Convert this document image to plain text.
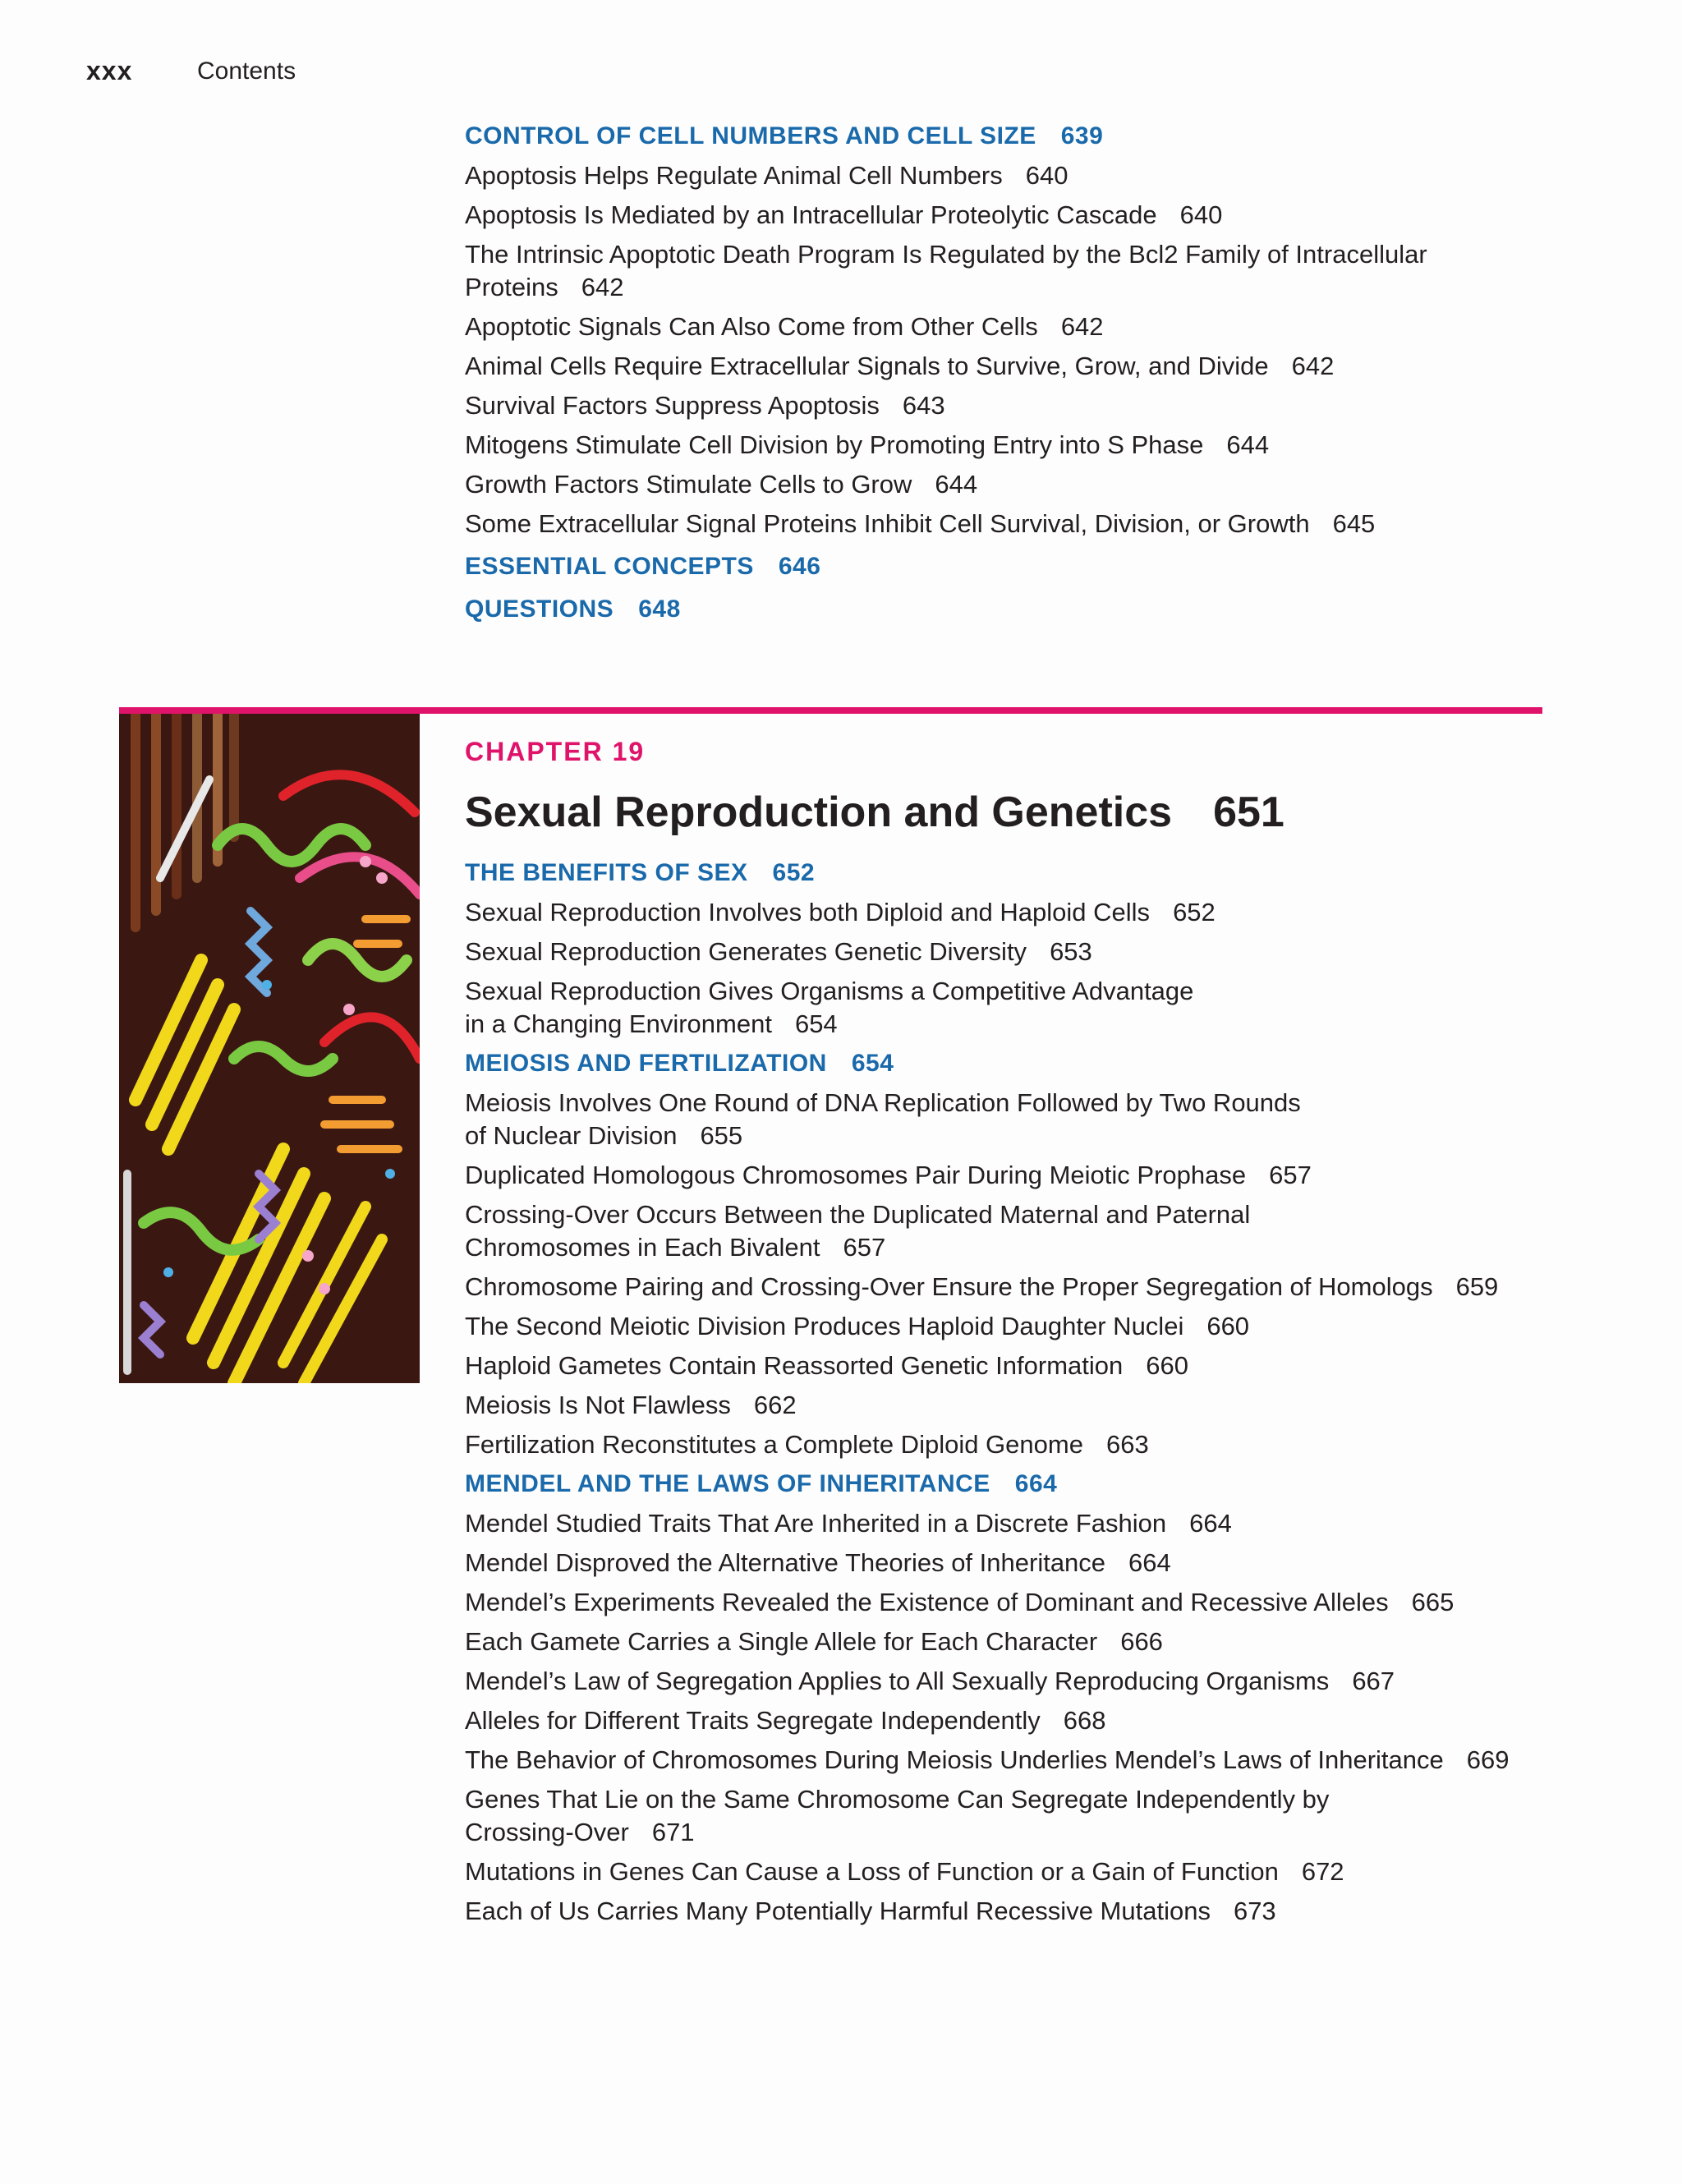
xxx	Contents
CONTROL OF CELL NUMBERS AND CELL SIZE 639
Apoptosis Helps Regulate Animal Cell Numbers 640
Apoptosis Is Mediated by an Intracellular Proteolytic Cascade 640
The Intrinsic Apoptotic Death Program Is Regulated by the Bcl2 Family of Intracellular
Proteins 642
Apoptotic Signals Can Also Come from Other Cells 642
Animal Cells Require Extracellular Signals to Survive, Grow, and Divide 642
Survival Factors Suppress Apoptosis 643
Mitogens Stimulate Cell Division by Promoting Entry into S Phase 644
Growth Factors Stimulate Cells to Grow 644
Some Extracellular Signal Proteins Inhibit Cell Survival, Division, or Growth 645
ESSENTIAL CONCEPTS 646
QUESTIONS 648
CHAPTER 19
Sexual Reproduction and Genetics 651
THE BENEFITS OF SEX 652
Sexual Reproduction Involves both Diploid and Haploid Cells 652
Sexual Reproduction Generates Genetic Diversity 653
Sexual Reproduction Gives Organisms a Competitive Advantage
in a Changing Environment 654
MEIOSIS AND FERTILIZATION 654
Meiosis Involves One Round of DNA Replication Followed by Two Rounds
of Nuclear Division 655
Duplicated Homologous Chromosomes Pair During Meiotic Prophase 657
Crossing-Over Occurs Between the Duplicated Maternal and Paternal
Chromosomes in Each Bivalent 657
Chromosome Pairing and Crossing-Over Ensure the Proper Segregation of Homologs 659
The Second Meiotic Division Produces Haploid Daughter Nuclei 660
Haploid Gametes Contain Reassorted Genetic Information 660
Meiosis Is Not Flawless 662
Fertilization Reconstitutes a Complete Diploid Genome 663
MENDEL AND THE LAWS OF INHERITANCE 664
Mendel Studied Traits That Are Inherited in a Discrete Fashion 664
Mendel Disproved the Alternative Theories of Inheritance 664
Mendel’s Experiments Revealed the Existence of Dominant and Recessive Alleles 665
Each Gamete Carries a Single Allele for Each Character 666
Mendel’s Law of Segregation Applies to All Sexually Reproducing Organisms 667
Alleles for Different Traits Segregate Independently 668
The Behavior of Chromosomes During Meiosis Underlies Mendel’s Laws of Inheritance 669
Genes That Lie on the Same Chromosome Can Segregate Independently by
Crossing-Over 671
Mutations in Genes Can Cause a Loss of Function or a Gain of Function 672
Each of Us Carries Many Potentially Harmful Recessive Mutations 673
